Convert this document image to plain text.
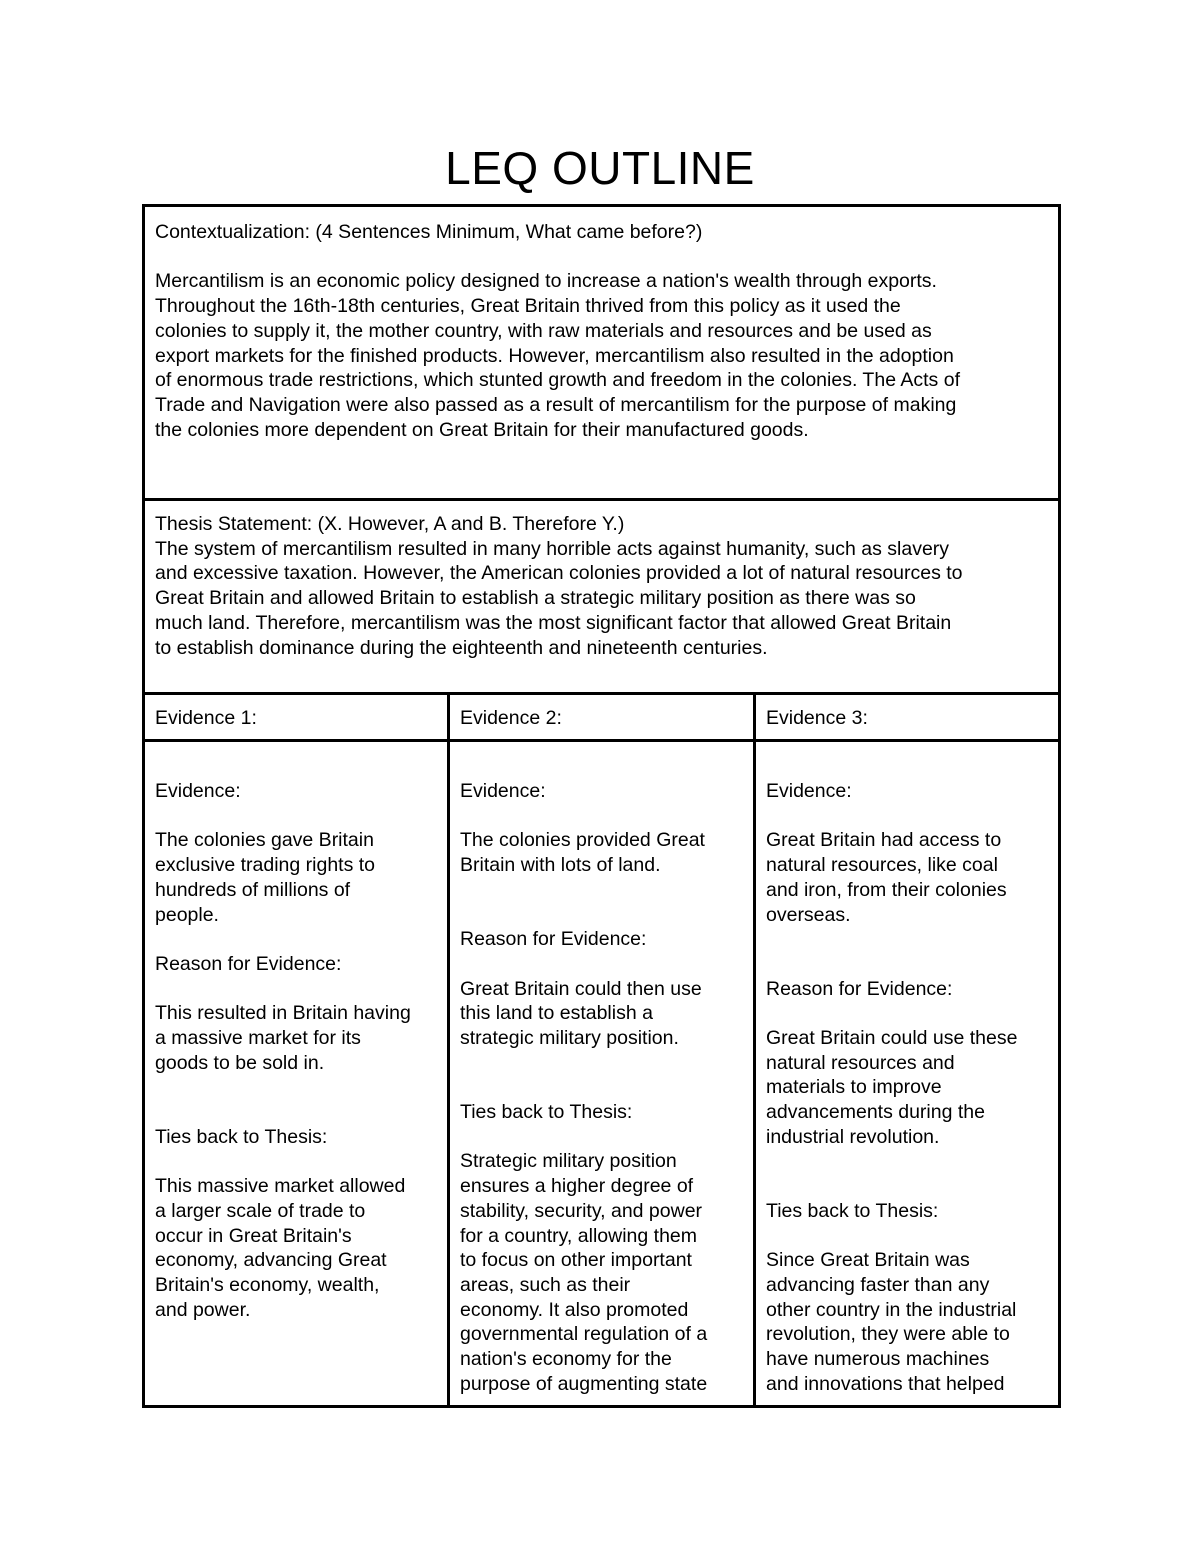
LEQ OUTLINE
Contextualization: (4 Sentences Minimum, What came before?)
Mercantilism is an economic policy designed to increase a nation's wealth through exports.
Throughout the 16th-18th centuries, Great Britain thrived from this policy as it used the
colonies to supply it, the mother country, with raw materials and resources and be used as
export markets for the finished products. However, mercantilism also resulted in the adoption
of enormous trade restrictions, which stunted growth and freedom in the colonies. The Acts of
Trade and Navigation were also passed as a result of mercantilism for the purpose of making
the colonies more dependent on Great Britain for their manufactured goods.
Thesis Statement: (X. However, A and B. Therefore Y.)
The system of mercantilism resulted in many horrible acts against humanity, such as slavery
and excessive taxation. However, the American colonies provided a lot of natural resources to
Great Britain and allowed Britain to establish a strategic military position as there was so
much land. Therefore, mercantilism was the most significant factor that allowed Great Britain
to establish dominance during the eighteenth and nineteenth centuries.
Evidence 1:	Evidence 2:	Evidence 3:
Evidence:
The colonies gave Britain
exclusive trading rights to
hundreds of millions of
people.
Reason for Evidence:
This resulted in Britain having
a massive market for its
goods to be sold in.
Ties back to Thesis:
This massive market allowed
a larger scale of trade to
occur in Great Britain's
economy, advancing Great
Britain's economy, wealth,
and power.
Evidence:
The colonies provided Great
Britain with lots of land.
Reason for Evidence:
Great Britain could then use
this land to establish a
strategic military position.
Ties back to Thesis:
Strategic military position
ensures a higher degree of
stability, security, and power
for a country, allowing them
to focus on other important
areas, such as their
economy. It also promoted
governmental regulation of a
nation's economy for the
purpose of augmenting state
Evidence:
Great Britain had access to
natural resources, like coal
and iron, from their colonies
overseas.
Reason for Evidence:
Great Britain could use these
natural resources and
materials to improve
advancements during the
industrial revolution.
Ties back to Thesis:
Since Great Britain was
advancing faster than any
other country in the industrial
revolution, they were able to
have numerous machines
and innovations that helped
